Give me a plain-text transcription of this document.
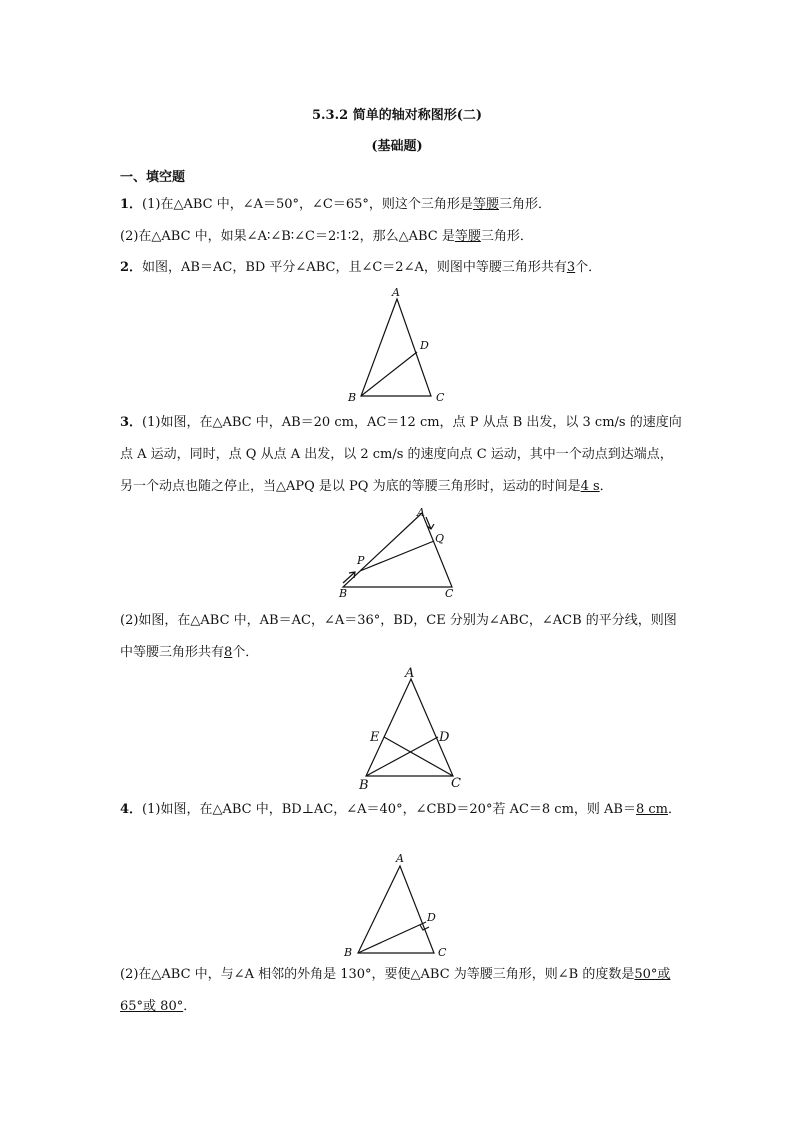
5.3.2 简单的轴对称图形(二)
(基础题)
一、填空题
1．(1)在△ABC 中，∠A＝50°，∠C＝65°，则这个三角形是等腰三角形．
(2)在△ABC 中，如果∠A∶∠B∶∠C＝2∶1∶2，那么△ABC 是等腰三角形．
2．如图，AB＝AC，BD 平分∠ABC，且∠C＝2∠A，则图中等腰三角形共有3个．
A
B	C
D
3．(1)如图，在△ABC 中，AB＝20 cm，AC＝12 cm，点 P 从点 B 出发，以 3 cm/s 的速度向
点 A 运动，同时，点 Q 从点 A 出发，以 2 cm/s 的速度向点 C 运动，其中一个动点到达端点，
另一个动点也随之停止，当△APQ 是以 PQ 为底的等腰三角形时，运动的时间是4 s．
A
B	C
P
Q
(2)如图，在△ABC 中，AB＝AC，∠A＝36°，BD，CE 分别为∠ABC，∠ACB 的平分线，则图
中等腰三角形共有8个．
A
B	C
D
E
4．(1)如图，在△ABC 中，BD⊥AC，∠A＝40°，∠CBD＝20°若 AC＝8 cm，则 AB＝8 cm．
A
B	C
D
(2)在△ABC 中，与∠A 相邻的外角是 130°，要使△ABC 为等腰三角形，则∠B 的度数是50°或
65°或 80°．
